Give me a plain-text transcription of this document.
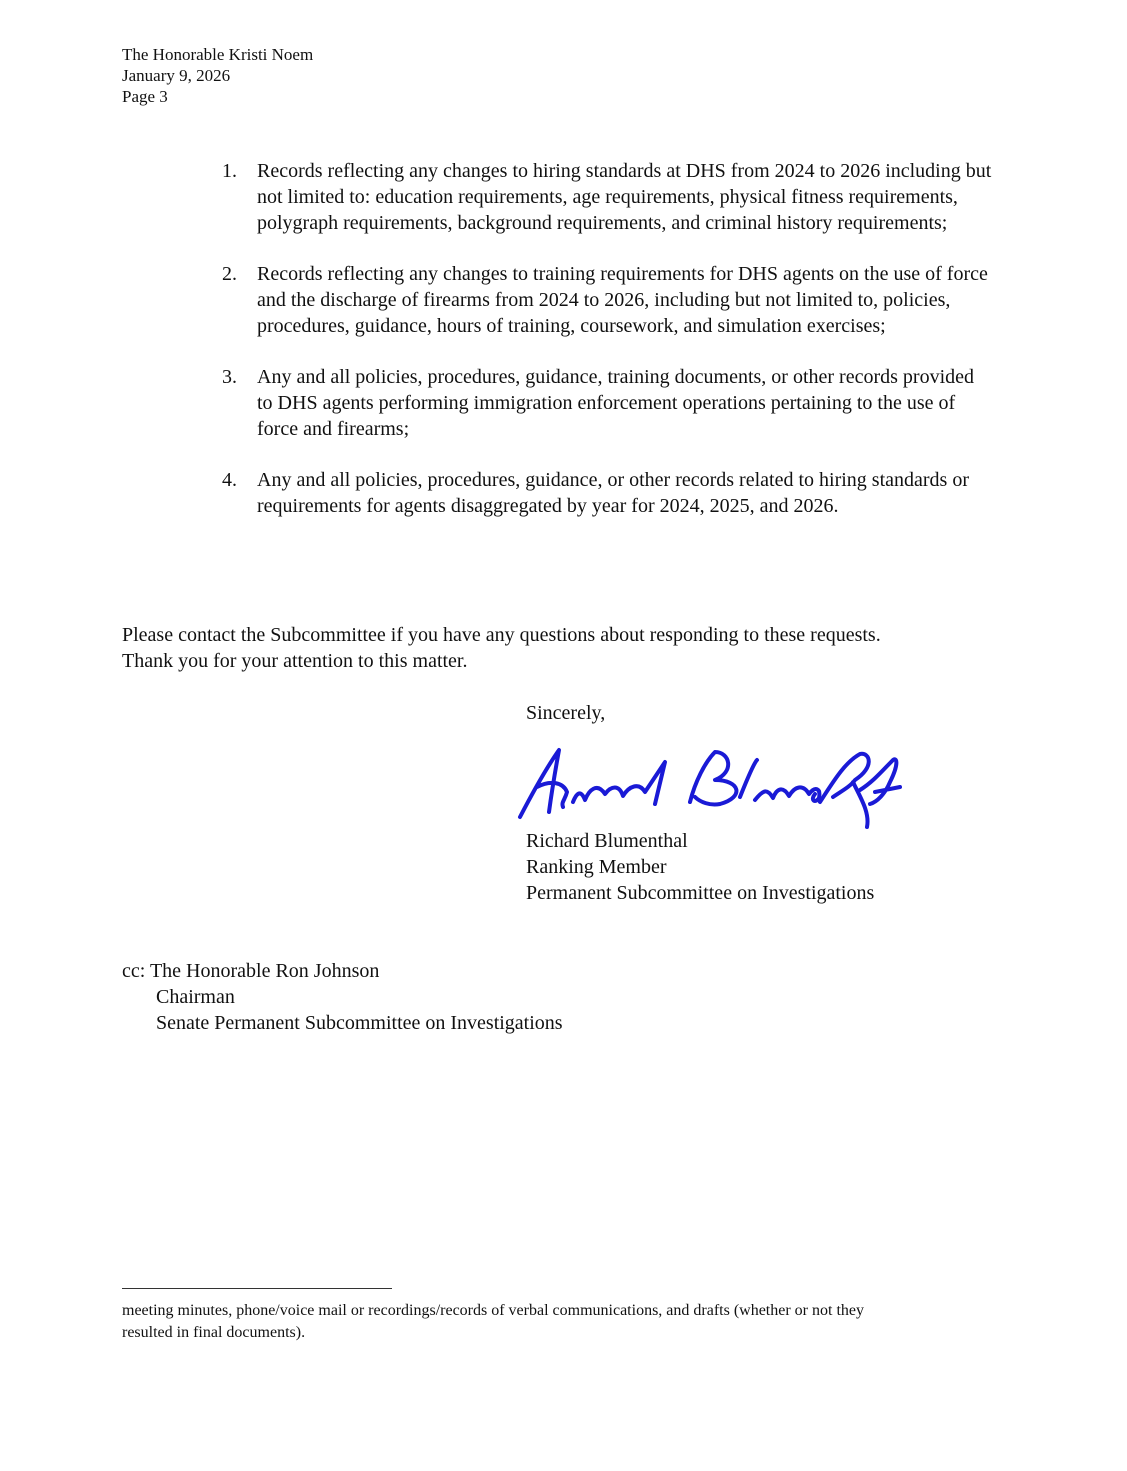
The Honorable Kristi Noem
January 9, 2026
Page 3
1.	Records reflecting any changes to hiring standards at DHS from 2024 to 2026 including but not limited to: education requirements, age requirements, physical fitness requirements, polygraph requirements, background requirements, and criminal history requirements;
2.	Records reflecting any changes to training requirements for DHS agents on the use of force and the discharge of firearms from 2024 to 2026, including but not limited to, policies, procedures, guidance, hours of training, coursework, and simulation exercises;
3.	Any and all policies, procedures, guidance, training documents, or other records provided to DHS agents performing immigration enforcement operations pertaining to the use of force and firearms;
4.	Any and all policies, procedures, guidance, or other records related to hiring standards or requirements for agents disaggregated by year for 2024, 2025, and 2026.
Please contact the Subcommittee if you have any questions about responding to these requests.
Thank you for your attention to this matter.
Sincerely,
Richard Blumenthal
Ranking Member
Permanent Subcommittee on Investigations
cc: The Honorable Ron Johnson
Chairman
Senate Permanent Subcommittee on Investigations
meeting minutes, phone/voice mail or recordings/records of verbal communications, and drafts (whether or not they
resulted in final documents).
